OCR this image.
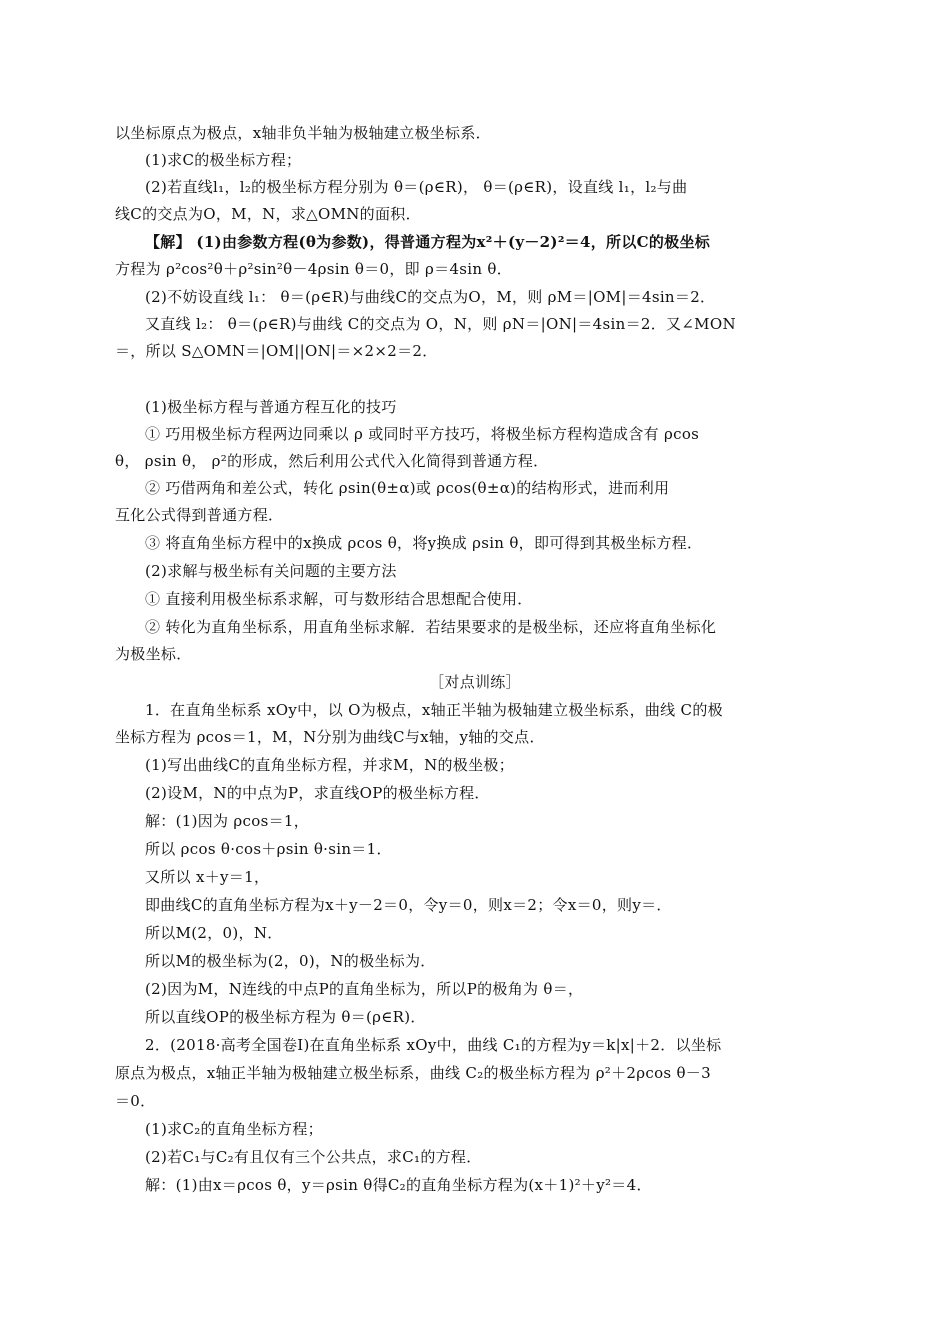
以坐标原点为极点，x轴非负半轴为极轴建立极坐标系．
(1)求C的极坐标方程；
(2)若直线l₁，l₂的极坐标方程分别为 θ＝(ρ∈R)， θ＝(ρ∈R)，设直线 l₁，l₂与曲
线C的交点为O，M，N，求△OMN的面积．
【解】 (1)由参数方程(θ为参数)，得普通方程为x²＋(y－2)²＝4，所以C的极坐标
方程为 ρ²cos²θ＋ρ²sin²θ－4ρsin θ＝0，即 ρ＝4sin θ．
(2)不妨设直线 l₁： θ＝(ρ∈R)与曲线C的交点为O，M，则 ρM＝|OM|＝4sin＝2．
又直线 l₂： θ＝(ρ∈R)与曲线 C的交点为 O，N，则 ρN＝|ON|＝4sin＝2．又∠MON
＝，所以 S△OMN＝|OM||ON|＝×2×2＝2．
(1)极坐标方程与普通方程互化的技巧
① 巧用极坐标方程两边同乘以 ρ 或同时平方技巧，将极坐标方程构造成含有 ρcos
θ， ρsin θ， ρ²的形成，然后利用公式代入化简得到普通方程．
② 巧借两角和差公式，转化 ρsin(θ±α)或 ρcos(θ±α)的结构形式，进而利用
互化公式得到普通方程．
③ 将直角坐标方程中的x换成 ρcos θ，将y换成 ρsin θ，即可得到其极坐标方程．
(2)求解与极坐标有关问题的主要方法
① 直接利用极坐标系求解，可与数形结合思想配合使用．
② 转化为直角坐标系，用直角坐标求解．若结果要求的是极坐标，还应将直角坐标化
为极坐标．
［对点训练］
1．在直角坐标系 xOy中，以 O为极点，x轴正半轴为极轴建立极坐标系，曲线 C的极
坐标方程为 ρcos＝1，M，N分别为曲线C与x轴，y轴的交点．
(1)写出曲线C的直角坐标方程，并求M，N的极坐极；
(2)设M，N的中点为P，求直线OP的极坐标方程．
解：(1)因为 ρcos＝1，
所以 ρcos θ·cos＋ρsin θ·sin＝1．
又所以 x＋y＝1，
即曲线C的直角坐标方程为x＋y－2＝0，令y＝0，则x＝2；令x＝0，则y＝．
所以M(2，0)，N．
所以M的极坐标为(2，0)，N的极坐标为．
(2)因为M，N连线的中点P的直角坐标为，所以P的极角为 θ＝，
所以直线OP的极坐标方程为 θ＝(ρ∈R)．
2．(2018·高考全国卷Ⅰ)在直角坐标系 xOy中，曲线 C₁的方程为y＝k|x|＋2．以坐标
原点为极点，x轴正半轴为极轴建立极坐标系，曲线 C₂的极坐标方程为 ρ²＋2ρcos θ－3
＝0．
(1)求C₂的直角坐标方程；
(2)若C₁与C₂有且仅有三个公共点，求C₁的方程．
解：(1)由x＝ρcos θ，y＝ρsin θ得C₂的直角坐标方程为(x＋1)²＋y²＝4．
